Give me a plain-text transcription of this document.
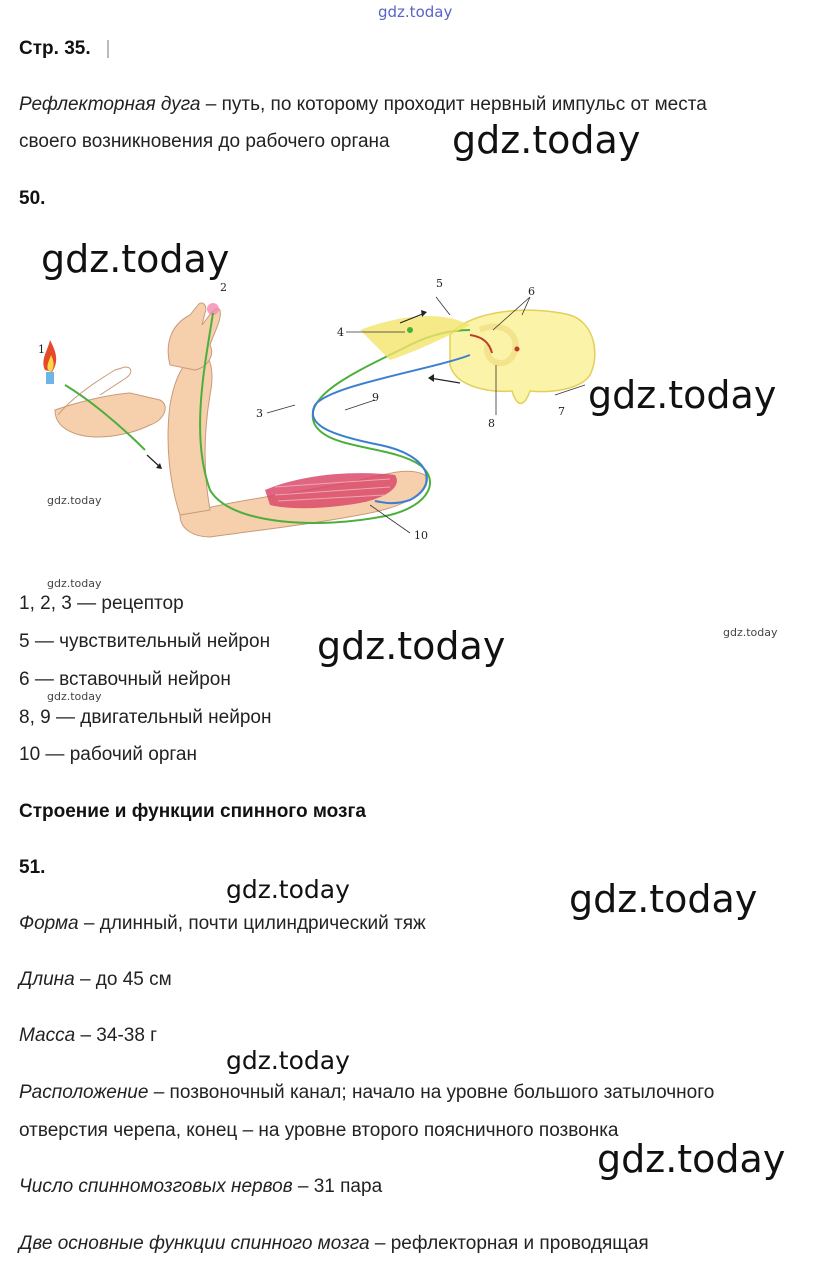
gdz.today
Стр. 35.
Рефлекторная дуга – путь, по которому проходит нервный импульс от места
своего возникновения до рабочего органа gdz.today
50.
gdz.today
1
2
3
4
5
6
7
8
9
10
gdz.today
gdz.today
gdz.today
1, 2, 3 — рецептор
5 — чувствительный нейрон gdz.today	gdz.today
6 — вставочный нейрон
gdz.today
8, 9 — двигательный нейрон
10 — рабочий орган
Строение и функции спинного мозга
51.
gdz.today	gdz.today
Форма – длинный, почти цилиндрический тяж
Длина – до 45 см
Масса – 34-38 г
gdz.today
Расположение – позвоночный канал; начало на уровне большого затылочного
отверстия черепа, конец – на уровне второго поясничного позвонка
gdz.today
Число спинномозговых нервов – 31 пара
Две основные функции спинного мозга – рефлекторная и проводящая
